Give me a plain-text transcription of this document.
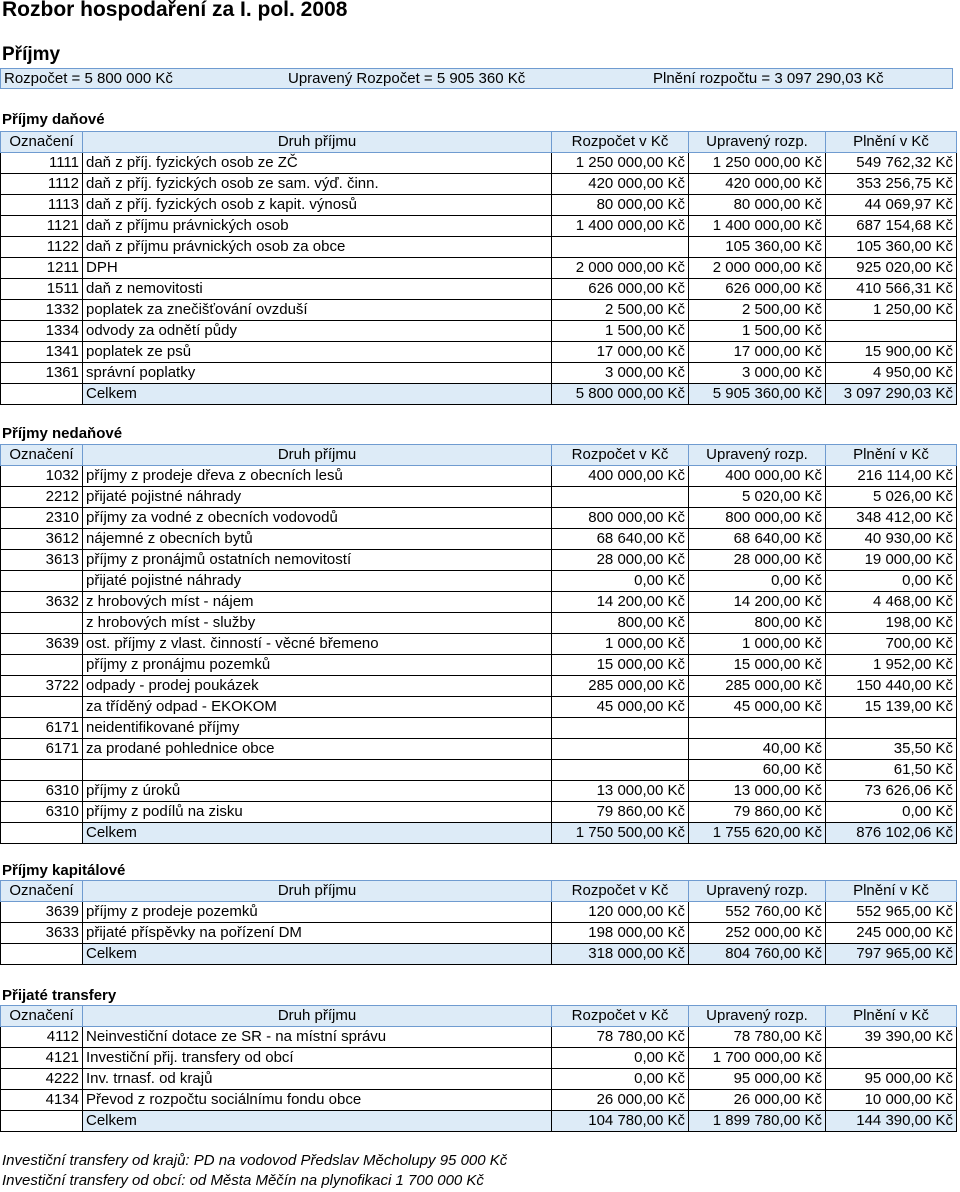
Rozbor hospodaření za I. pol. 2008
Příjmy
Rozpočet = 5 800 000 Kč	Upravený Rozpočet = 5 905 360 Kč	Plnění rozpočtu = 3 097 290,03 Kč
Příjmy daňové
Označení	Druh příjmu	Rozpočet v Kč	Upravený rozp.	Plnění v Kč
1111	daň z příj. fyzických osob ze ZČ	1 250 000,00 Kč	1 250 000,00 Kč	549 762,32 Kč
1112	daň z příj. fyzických osob ze sam. výď. činn.	420 000,00 Kč	420 000,00 Kč	353 256,75 Kč
1113	daň z příj. fyzických osob z kapit. výnosů	80 000,00 Kč	80 000,00 Kč	44 069,97 Kč
1121	daň z příjmu právnických osob	1 400 000,00 Kč	1 400 000,00 Kč	687 154,68 Kč
1122	daň z příjmu právnických osob za obce		105 360,00 Kč	105 360,00 Kč
1211	DPH	2 000 000,00 Kč	2 000 000,00 Kč	925 020,00 Kč
1511	daň z nemovitosti	626 000,00 Kč	626 000,00 Kč	410 566,31 Kč
1332	poplatek za znečišťování ovzduší	2 500,00 Kč	2 500,00 Kč	1 250,00 Kč
1334	odvody za odnětí půdy	1 500,00 Kč	1 500,00 Kč	
1341	poplatek ze psů	17 000,00 Kč	17 000,00 Kč	15 900,00 Kč
1361	správní poplatky	3 000,00 Kč	3 000,00 Kč	4 950,00 Kč
	Celkem	5 800 000,00 Kč	5 905 360,00 Kč	3 097 290,03 Kč
Příjmy nedaňové
Označení	Druh příjmu	Rozpočet v Kč	Upravený rozp.	Plnění v Kč
1032	příjmy z prodeje dřeva z obecních lesů	400 000,00 Kč	400 000,00 Kč	216 114,00 Kč
2212	přijaté pojistné náhrady		5 020,00 Kč	5 026,00 Kč
2310	příjmy za vodné z obecních vodovodů	800 000,00 Kč	800 000,00 Kč	348 412,00 Kč
3612	nájemné z obecních bytů	68 640,00 Kč	68 640,00 Kč	40 930,00 Kč
3613	příjmy z pronájmů ostatních nemovitostí	28 000,00 Kč	28 000,00 Kč	19 000,00 Kč
	přijaté pojistné náhrady	0,00 Kč	0,00 Kč	0,00 Kč
3632	z hrobových míst - nájem	14 200,00 Kč	14 200,00 Kč	4 468,00 Kč
	z hrobových míst - služby	800,00 Kč	800,00 Kč	198,00 Kč
3639	ost. příjmy z vlast. činností - věcné břemeno	1 000,00 Kč	1 000,00 Kč	700,00 Kč
	příjmy z pronájmu pozemků	15 000,00 Kč	15 000,00 Kč	1 952,00 Kč
3722	odpady - prodej poukázek	285 000,00 Kč	285 000,00 Kč	150 440,00 Kč
	za tříděný odpad - EKOKOM	45 000,00 Kč	45 000,00 Kč	15 139,00 Kč
6171	neidentifikované příjmy			
6171	za prodané pohlednice obce		40,00 Kč	35,50 Kč
			60,00 Kč	61,50 Kč
6310	příjmy z úroků	13 000,00 Kč	13 000,00 Kč	73 626,06 Kč
6310	příjmy z podílů na zisku	79 860,00 Kč	79 860,00 Kč	0,00 Kč
	Celkem	1 750 500,00 Kč	1 755 620,00 Kč	876 102,06 Kč
Příjmy kapitálové
Označení	Druh příjmu	Rozpočet v Kč	Upravený rozp.	Plnění v Kč
3639	příjmy z prodeje pozemků	120 000,00 Kč	552 760,00 Kč	552 965,00 Kč
3633	přijaté příspěvky na pořízení DM	198 000,00 Kč	252 000,00 Kč	245 000,00 Kč
	Celkem	318 000,00 Kč	804 760,00 Kč	797 965,00 Kč
Přijaté transfery
Označení	Druh příjmu	Rozpočet v Kč	Upravený rozp.	Plnění v Kč
4112	Neinvestiční dotace ze SR - na místní správu	78 780,00 Kč	78 780,00 Kč	39 390,00 Kč
4121	Investiční přij. transfery od obcí	0,00 Kč	1 700 000,00 Kč	
4222	Inv. trnasf. od krajů	0,00 Kč	95 000,00 Kč	95 000,00 Kč
4134	Převod z rozpočtu sociálnímu fondu obce	26 000,00 Kč	26 000,00 Kč	10 000,00 Kč
	Celkem	104 780,00 Kč	1 899 780,00 Kč	144 390,00 Kč
Investiční transfery od krajů: PD na vodovod Předslav Měcholupy 95 000 Kč
Investiční transfery od obcí: od Města Měčín na plynofikaci 1 700 000 Kč
